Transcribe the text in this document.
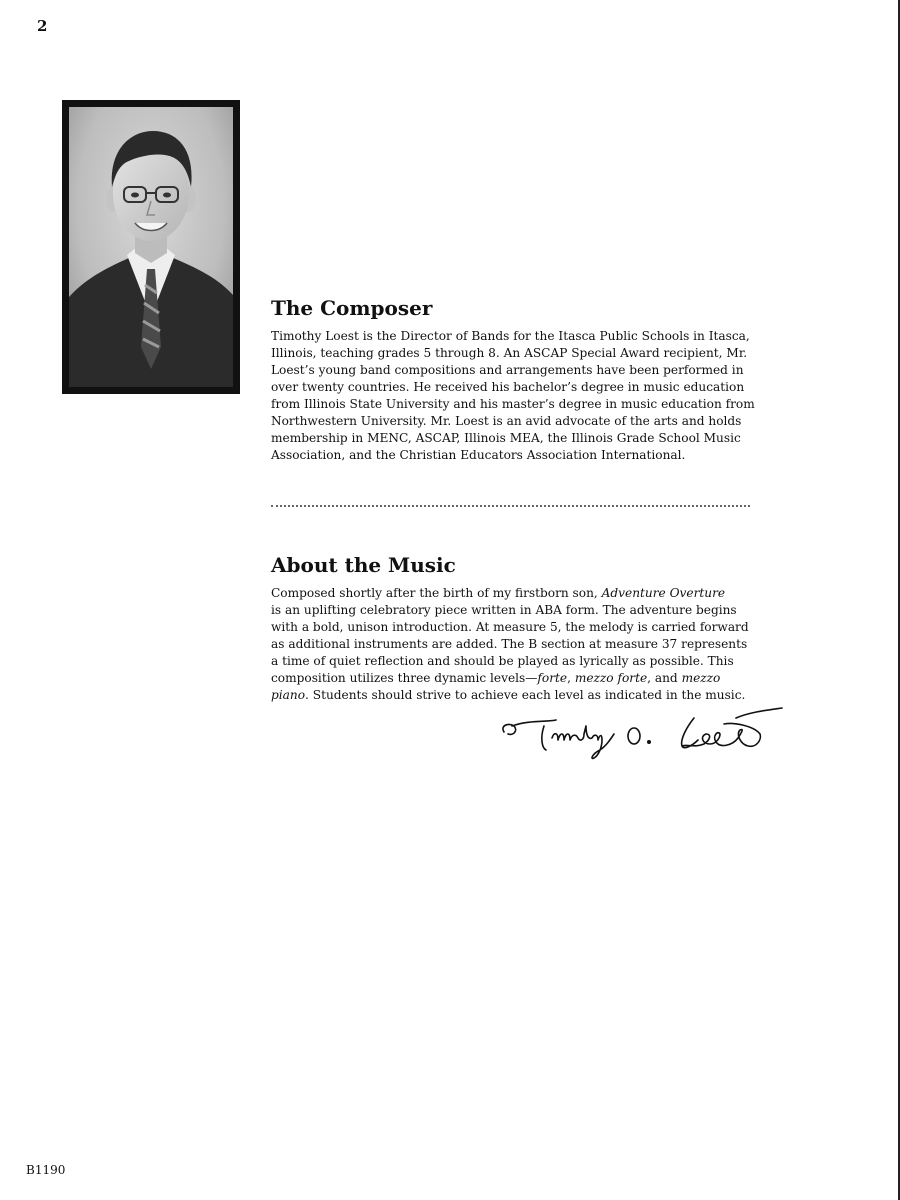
2
The Composer
Timothy Loest is the Director of Bands for the Itasca Public Schools in Itasca,
Illinois, teaching grades 5 through 8. An ASCAP Special Award recipient, Mr.
Loest’s young band compositions and arrangements have been performed in
over twenty countries. He received his bachelor’s degree in music education
from Illinois State University and his master’s degree in music education from
Northwestern University. Mr. Loest is an avid advocate of the arts and holds
membership in MENC, ASCAP, Illinois MEA, the Illinois Grade School Music
Association, and the Christian Educators Association International.
About the Music
Composed shortly after the birth of my firstborn son, Adventure Overture
is an uplifting celebratory piece written in ABA form. The adventure begins
with a bold, unison introduction. At measure 5, the melody is carried forward
as additional instruments are added. The B section at measure 37 represents
a time of quiet reflection and should be played as lyrically as possible. This
composition utilizes three dynamic levels—forte, mezzo forte, and mezzo
piano. Students should strive to achieve each level as indicated in the music.
B1190
